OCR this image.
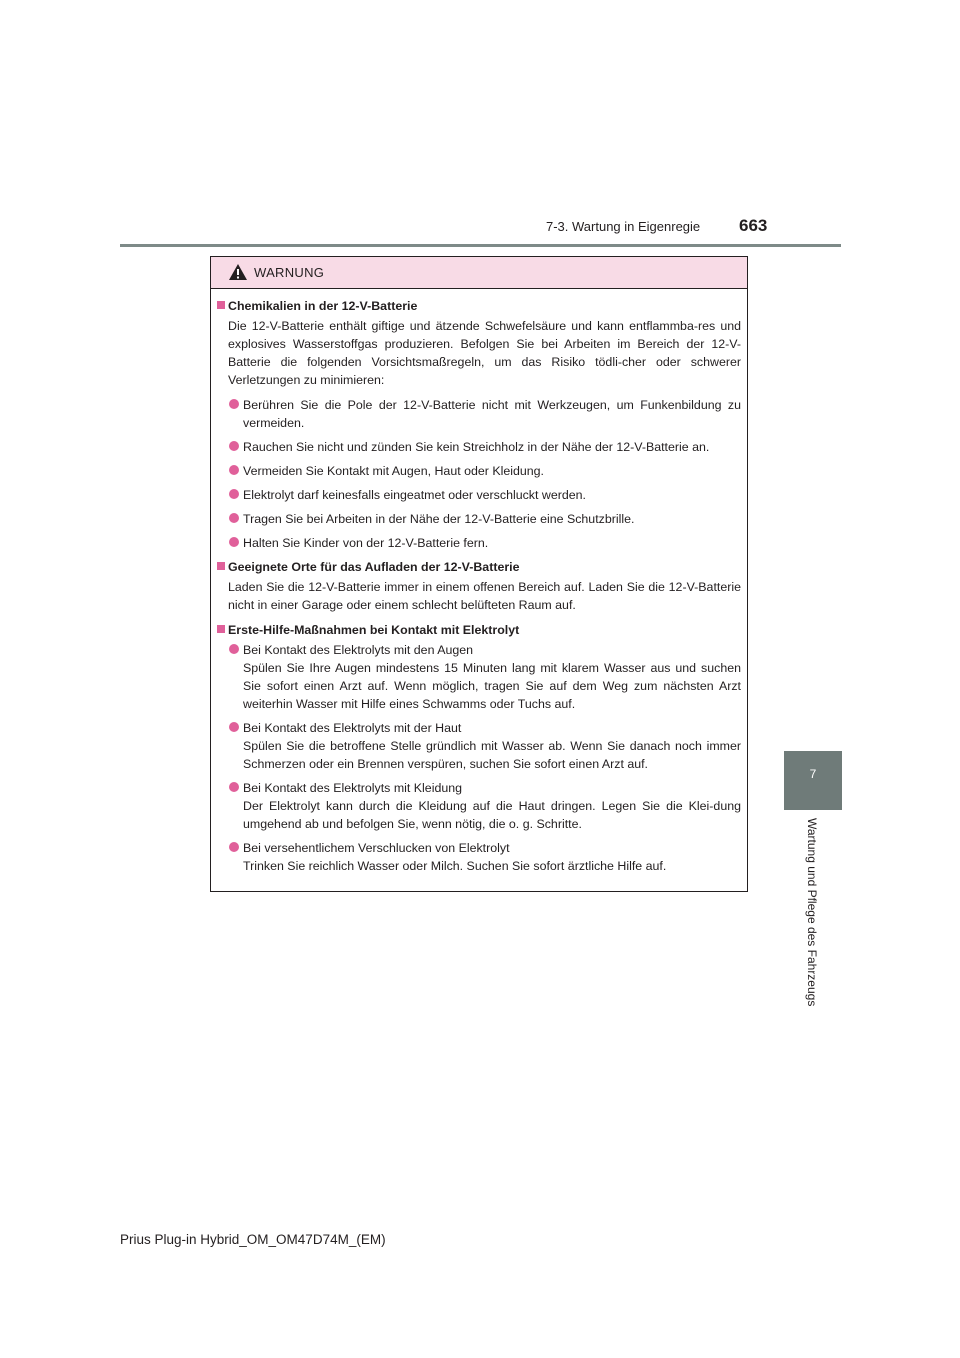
7-3. Wartung in Eigenregie 663
7
Wartung und Pflege des Fahrzeugs
WARNUNG
Chemikalien in der 12-V-Batterie
Die 12-V-Batterie enthält giftige und ätzende Schwefelsäure und kann entflammba-res und explosives Wasserstoffgas produzieren. Befolgen Sie bei Arbeiten im Bereich der 12-V-Batterie die folgenden Vorsichtsmaßregeln, um das Risiko tödli-cher oder schwerer Verletzungen zu minimieren:
Berühren Sie die Pole der 12-V-Batterie nicht mit Werkzeugen, um Funkenbildung zu vermeiden.
Rauchen Sie nicht und zünden Sie kein Streichholz in der Nähe der 12-V-Batterie an.
Vermeiden Sie Kontakt mit Augen, Haut oder Kleidung.
Elektrolyt darf keinesfalls eingeatmet oder verschluckt werden.
Tragen Sie bei Arbeiten in der Nähe der 12-V-Batterie eine Schutzbrille.
Halten Sie Kinder von der 12-V-Batterie fern.
Geeignete Orte für das Aufladen der 12-V-Batterie
Laden Sie die 12-V-Batterie immer in einem offenen Bereich auf. Laden Sie die 12-V-Batterie nicht in einer Garage oder einem schlecht belüfteten Raum auf.
Erste-Hilfe-Maßnahmen bei Kontakt mit Elektrolyt
Bei Kontakt des Elektrolyts mit den Augen
Spülen Sie Ihre Augen mindestens 15 Minuten lang mit klarem Wasser aus und suchen Sie sofort einen Arzt auf. Wenn möglich, tragen Sie auf dem Weg zum nächsten Arzt weiterhin Wasser mit Hilfe eines Schwamms oder Tuchs auf.
Bei Kontakt des Elektrolyts mit der Haut
Spülen Sie die betroffene Stelle gründlich mit Wasser ab. Wenn Sie danach noch immer Schmerzen oder ein Brennen verspüren, suchen Sie sofort einen Arzt auf.
Bei Kontakt des Elektrolyts mit Kleidung
Der Elektrolyt kann durch die Kleidung auf die Haut dringen. Legen Sie die Klei-dung umgehend ab und befolgen Sie, wenn nötig, die o. g. Schritte.
Bei versehentlichem Verschlucken von Elektrolyt
Trinken Sie reichlich Wasser oder Milch. Suchen Sie sofort ärztliche Hilfe auf.
Prius Plug-in Hybrid_OM_OM47D74M_(EM)
